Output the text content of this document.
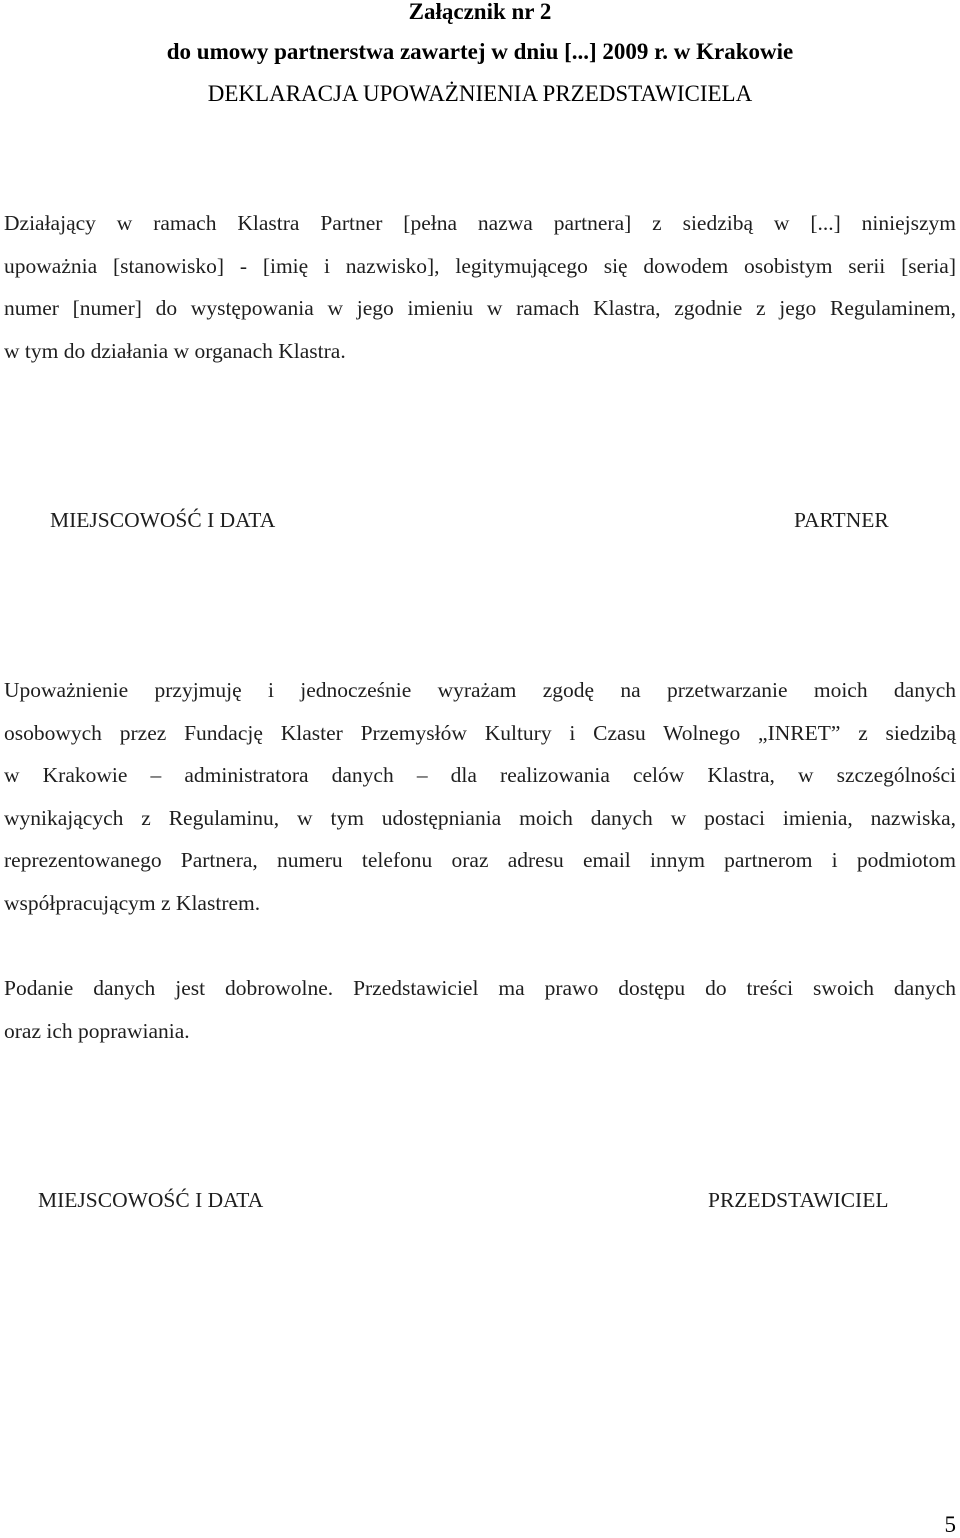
Załącznik nr 2
do umowy partnerstwa zawartej w dniu [...] 2009 r. w Krakowie
DEKLARACJA UPOWAŻNIENIA PRZEDSTAWICIELA
Działający w ramach Klastra Partner [pełna nazwa partnera] z siedzibą w [...] niniejszym
upoważnia [stanowisko] - [imię i nazwisko], legitymującego się dowodem osobistym serii [seria]
numer [numer] do występowania w jego imieniu w ramach Klastra, zgodnie z jego Regulaminem,
w tym do działania w organach Klastra.
MIEJSCOWOŚĆ I DATA	PARTNER
Upoważnienie przyjmuję i jednocześnie wyrażam zgodę na przetwarzanie moich danych
osobowych przez Fundację Klaster Przemysłów Kultury i Czasu Wolnego „INRET” z siedzibą
w Krakowie – administratora danych – dla realizowania celów Klastra, w szczególności
wynikających z Regulaminu, w tym udostępniania moich danych w postaci imienia, nazwiska,
reprezentowanego Partnera, numeru telefonu oraz adresu email innym partnerom i podmiotom
współpracującym z Klastrem.
Podanie danych jest dobrowolne. Przedstawiciel ma prawo dostępu do treści swoich danych
oraz ich poprawiania.
MIEJSCOWOŚĆ I DATA	PRZEDSTAWICIEL
5
